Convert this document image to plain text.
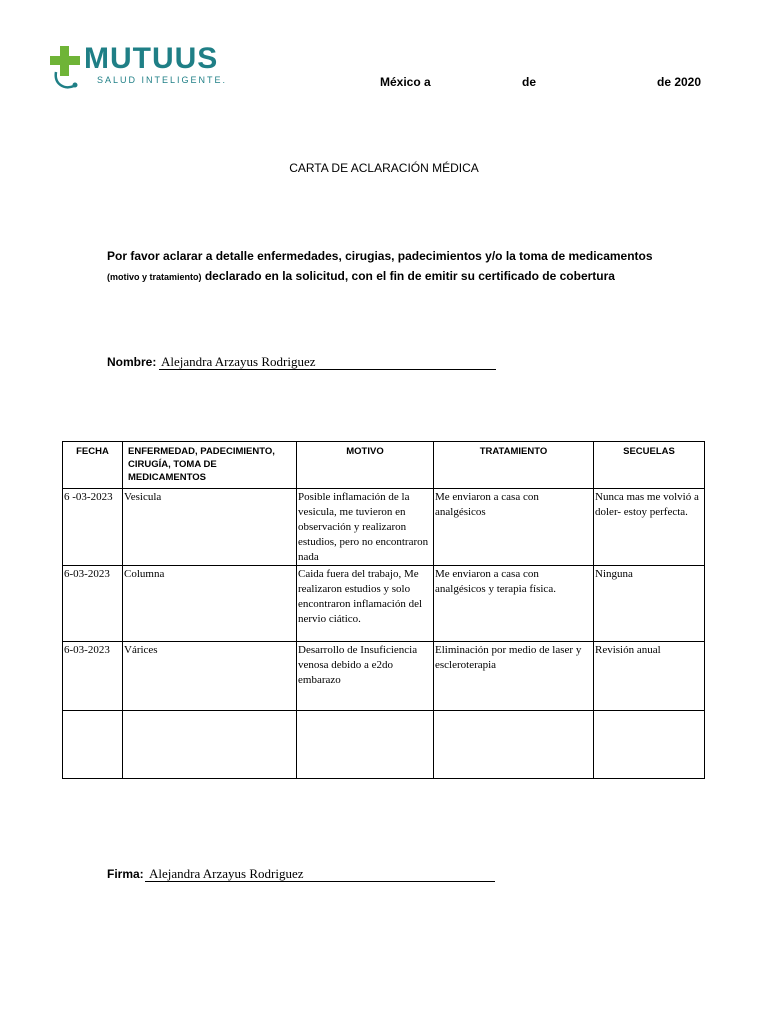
MUTUUS
SALUD INTELIGENTE.	México a	de	de 2020
CARTA DE ACLARACIÓN MÉDICA
Por favor aclarar a detalle enfermedades, cirugias, padecimientos y/o la toma de medicamentos
(motivo y tratamiento) declarado en la solicitud, con el fin de emitir su certificado de cobertura
Nombre: Alejandra Arzayus Rodriguez
FECHA	ENFERMEDAD, PADECIMIENTO, CIRUGÍA, TOMA DE MEDICAMENTOS	MOTIVO	TRATAMIENTO	SECUELAS
6 -03-2023	Vesicula	Posible inflamación de la vesicula, me tuvieron en observación y realizaron estudios, pero no encontraron nada	Me enviaron a casa con analgésicos	Nunca mas me volvió a doler- estoy perfecta.
6-03-2023	Columna	Caida fuera del trabajo, Me realizaron estudios y solo encontraron inflamación del nervio ciático.	Me enviaron a casa con analgésicos y terapia física.	Ninguna
6-03-2023	Várices	Desarrollo de Insuficiencia venosa debido a e2do embarazo	Eliminación por medio de laser y escleroterapia	Revisión anual

Firma: Alejandra Arzayus Rodriguez
